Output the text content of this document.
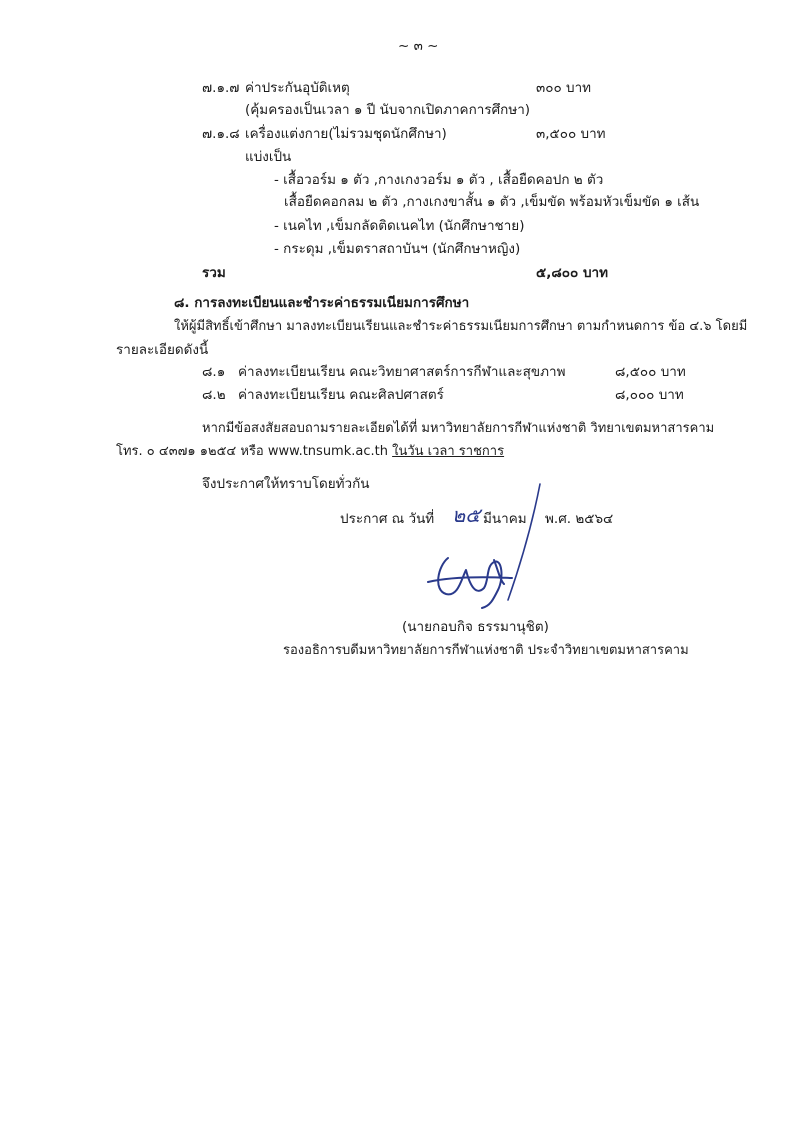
~ ๓ ~
๗.๑.๗ ค่าประกันอุบัติเหตุ	๓๐๐ บาท
(คุ้มครองเป็นเวลา ๑ ปี นับจากเปิดภาคการศึกษา)
๗.๑.๘ เครื่องแต่งกาย(ไม่รวมชุดนักศึกษา)	๓,๕๐๐ บาท
แบ่งเป็น
- เสื้อวอร์ม ๑ ตัว ,กางเกงวอร์ม ๑ ตัว , เสื้อยืดคอปก ๒ ตัว
เสื้อยืดคอกลม ๒ ตัว ,กางเกงขาสั้น ๑ ตัว ,เข็มขัด พร้อมหัวเข็มขัด ๑ เส้น
- เนคไท ,เข็มกลัดติดเนคไท (นักศึกษาชาย)
- กระดุม ,เข็มตราสถาบันฯ (นักศึกษาหญิง)
รวม	๕,๘๐๐ บาท
๘. การลงทะเบียนและชำระค่าธรรมเนียมการศึกษา
ให้ผู้มีสิทธิ์เข้าศึกษา มาลงทะเบียนเรียนและชำระค่าธรรมเนียมการศึกษา ตามกำหนดการ ข้อ ๔.๖ โดยมี
รายละเอียดดังนี้
๘.๑ ค่าลงทะเบียนเรียน คณะวิทยาศาสตร์การกีฬาและสุขภาพ	๘,๕๐๐ บาท
๘.๒ ค่าลงทะเบียนเรียน คณะศิลปศาสตร์	๘,๐๐๐ บาท
หากมีข้อสงสัยสอบถามรายละเอียดได้ที่ มหาวิทยาลัยการกีฬาแห่งชาติ วิทยาเขตมหาสารคาม
โทร. ๐ ๔๓๗๑ ๑๒๕๔ หรือ www.tnsumk.ac.th ในวัน เวลา ราชการ
จึงประกาศให้ทราบโดยทั่วกัน
ประกาศ ณ วันที่ ๒๕ มีนาคม พ.ศ. ๒๕๖๔
(นายกอบกิจ ธรรมานุชิต)
รองอธิการบดีมหาวิทยาลัยการกีฬาแห่งชาติ ประจำวิทยาเขตมหาสารคาม
